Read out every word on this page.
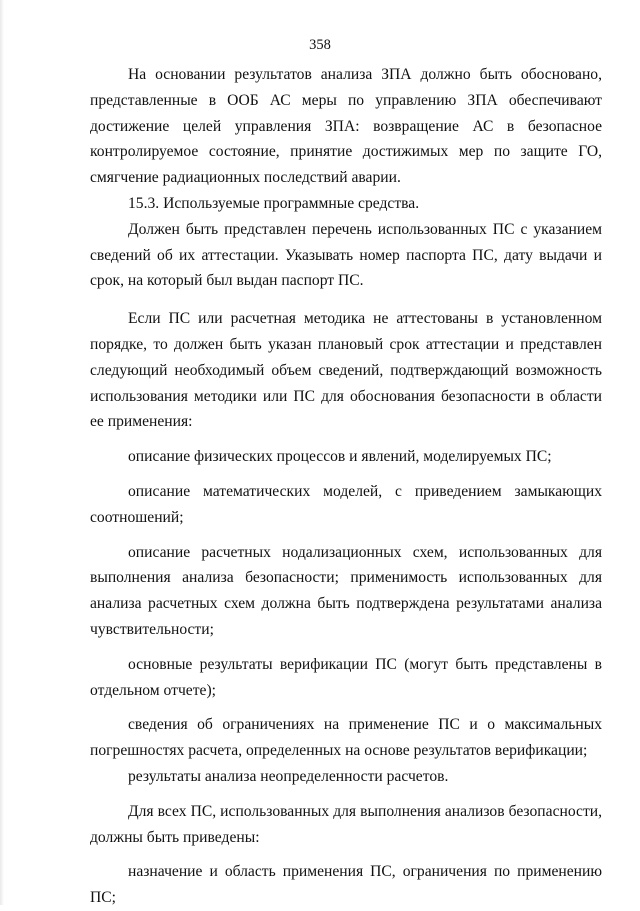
358

На основании результатов анализа ЗПА должно быть обосновано, представленные в ООБ АС меры по управлению ЗПА обеспечивают достижение целей управления ЗПА: возвращение АС в безопасное контролируемое состояние, принятие достижимых мер по защите ГО, смягчение радиационных последствий аварии.

15.3. Используемые программные средства.

Должен быть представлен перечень использованных ПС с указанием сведений об их аттестации. Указывать номер паспорта ПС, дату выдачи и срок, на который был выдан паспорт ПС.

Если ПС или расчетная методика не аттестованы в установленном порядке, то должен быть указан плановый срок аттестации и представлен следующий необходимый объем сведений, подтверждающий возможность использования методики или ПС для обоснования безопасности в области ее применения:

описание физических процессов и явлений, моделируемых ПС;

описание математических моделей, с приведением замыкающих соотношений;

описание расчетных нодализационных схем, использованных для выполнения анализа безопасности; применимость использованных для анализа расчетных схем должна быть подтверждена результатами анализа чувствительности;

основные результаты верификации ПС (могут быть представлены в отдельном отчете);

сведения об ограничениях на применение ПС и о максимальных погрешностях расчета, определенных на основе результатов верификации;

результаты анализа неопределенности расчетов.

Для всех ПС, использованных для выполнения анализов безопасности, должны быть приведены:

назначение и область применения ПС, ограничения по применению ПС;
